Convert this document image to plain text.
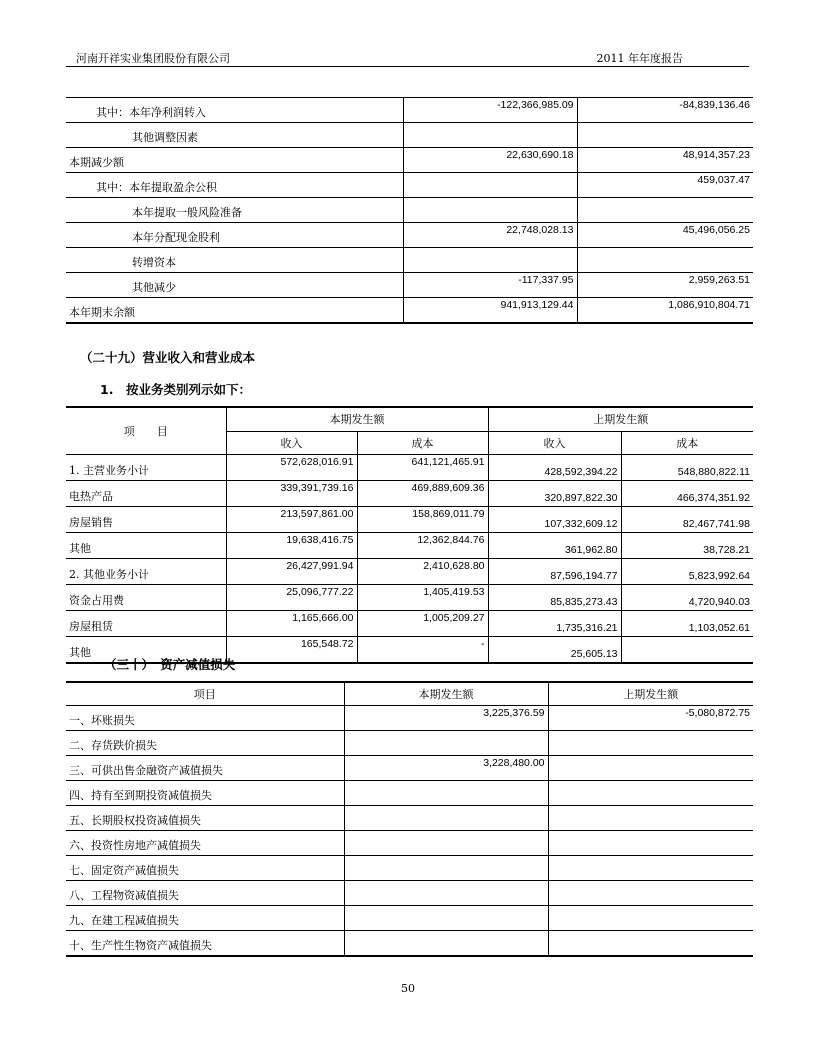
河南开祥实业集团股份有限公司	2011 年年度报告
其中：本年净利润转入	-122,366,985.09	-84,839,136.46
其他调整因素		
本期减少额	22,630,690.18	48,914,357.23
其中：本年提取盈余公积		459,037.47
本年提取一般风险准备		
本年分配现金股利	22,748,028.13	45,496,056.25
转增资本		
其他减少	-117,337.95	2,959,263.51
本年期末余额	941,913,129.44	1,086,910,804.71
（二十九）营业收入和营业成本
1.　按业务类别列示如下：
项　　目	本期发生额		上期发生额	
	收入	成本	收入	成本
1. 主营业务小计	572,628,016.91	641,121,465.91	428,592,394.22	548,880,822.11
电热产品	339,391,739.16	469,889,609.36	320,897,822.30	466,374,351.92
房屋销售	213,597,861.00	158,869,011.79	107,332,609.12	82,467,741.98
其他	19,638,416.75	12,362,844.76	361,962.80	38,728.21
2. 其他业务小计	26,427,991.94	2,410,628.80	87,596,194.77	5,823,992.64
资金占用费	25,096,777.22	1,405,419.53	85,835,273.43	4,720,940.03
房屋租赁	1,165,666.00	1,005,209.27	1,735,316.21	1,103,052.61
其他	165,548.72	-	25,605.13	
（三十）　资产减值损失
项目	本期发生额	上期发生额
一、坏账损失	3,225,376.59	-5,080,872.75
二、存货跌价损失		
三、可供出售金融资产减值损失	3,228,480.00	
四、持有至到期投资减值损失		
五、长期股权投资减值损失		
六、投资性房地产减值损失		
七、固定资产减值损失		
八、工程物资减值损失		
九、在建工程减值损失		
十、生产性生物资产减值损失		
50
